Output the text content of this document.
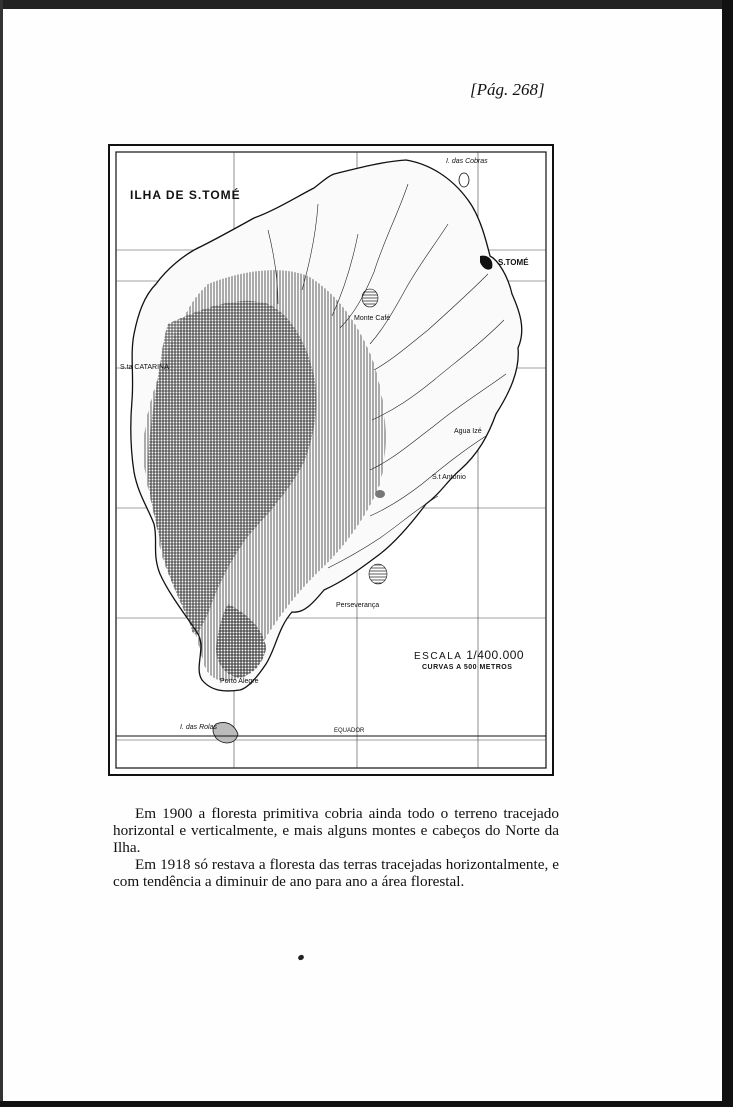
[Pág. 268]
ILHA DE S.TOMÉ
I. das Cobras
S.TOMÉ
Monte Café
S.ta CATARINA
Agua Izé
S.t Antonio
Perseverança
Porto Alegre
I. das Rolas	EQUADOR
ESCALA 1/400.000
CURVAS A 500 METROS

Em 1900 a floresta primitiva cobria ainda todo o terreno tracejado horizontal e verticalmente, e mais alguns montes e cabeços do Norte da Ilha.

Em 1918 só restava a floresta das terras tracejadas horizontalmente, e com tendência a diminuir de ano para ano a área florestal.
